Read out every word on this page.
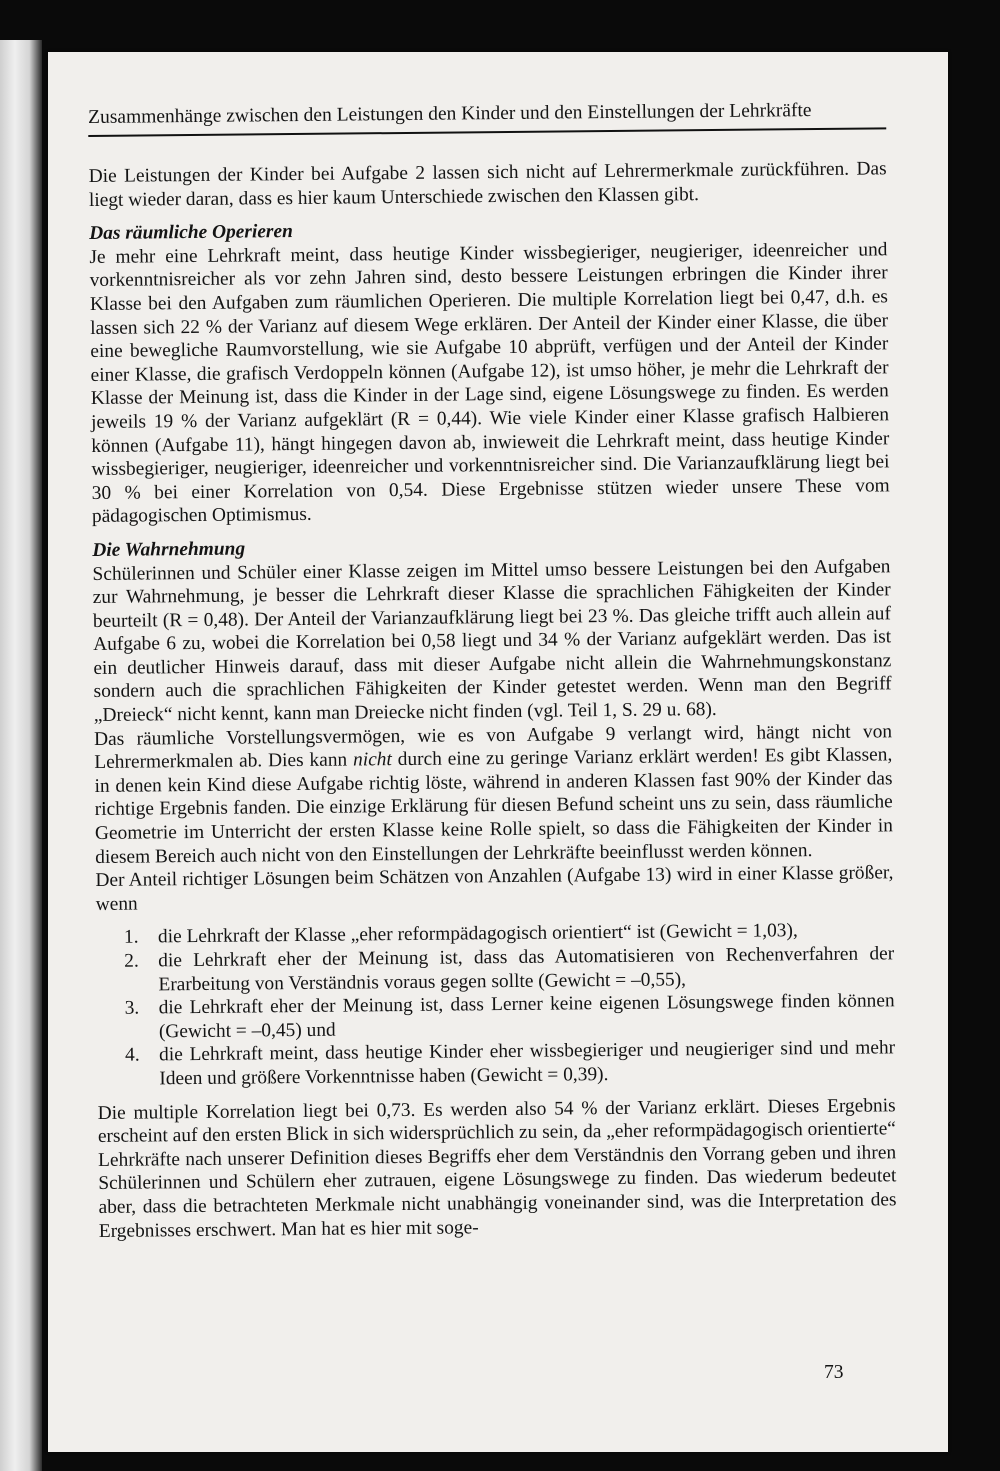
Zusammenhänge zwischen den Leistungen den Kinder und den Einstellungen der Lehrkräfte

Die Leistungen der Kinder bei Aufgabe 2 lassen sich nicht auf Lehrermerkmale zurückführen. Das liegt wieder daran, dass es hier kaum Unterschiede zwischen den Klassen gibt.

Das räumliche Operieren

Je mehr eine Lehrkraft meint, dass heutige Kinder wissbegieriger, neugieriger, ideenreicher und vorkenntnisreicher als vor zehn Jahren sind, desto bessere Leistungen erbringen die Kinder ihrer Klasse bei den Aufgaben zum räumlichen Operieren. Die multiple Korrelation liegt bei 0,47, d.h. es lassen sich 22 % der Varianz auf diesem Wege erklären. Der Anteil der Kinder einer Klasse, die über eine bewegliche Raumvorstellung, wie sie Aufgabe 10 abprüft, verfügen und der Anteil der Kinder einer Klasse, die grafisch Verdoppeln können (Aufgabe 12), ist umso höher, je mehr die Lehrkraft der Klasse der Meinung ist, dass die Kinder in der Lage sind, eigene Lösungswege zu finden. Es werden jeweils 19 % der Varianz aufgeklärt (R = 0,44). Wie viele Kinder einer Klasse grafisch Halbieren können (Aufgabe 11), hängt hingegen davon ab, inwieweit die Lehrkraft meint, dass heutige Kinder wissbegieriger, neugieriger, ideenreicher und vorkenntnisreicher sind. Die Varianzaufklärung liegt bei 30 % bei einer Korrelation von 0,54. Diese Ergebnisse stützen wieder unsere These vom pädagogischen Optimismus.

Die Wahrnehmung

Schülerinnen und Schüler einer Klasse zeigen im Mittel umso bessere Leistungen bei den Aufgaben zur Wahrnehmung, je besser die Lehrkraft dieser Klasse die sprachlichen Fähigkeiten der Kinder beurteilt (R = 0,48). Der Anteil der Varianzaufklärung liegt bei 23 %. Das gleiche trifft auch allein auf Aufgabe 6 zu, wobei die Korrelation bei 0,58 liegt und 34 % der Varianz aufgeklärt werden. Das ist ein deutlicher Hinweis darauf, dass mit dieser Aufgabe nicht allein die Wahrnehmungskonstanz sondern auch die sprachlichen Fähigkeiten der Kinder getestet werden. Wenn man den Begriff „Dreieck“ nicht kennt, kann man Dreiecke nicht finden (vgl. Teil 1, S. 29 u. 68).

Das räumliche Vorstellungsvermögen, wie es von Aufgabe 9 verlangt wird, hängt nicht von Lehrermerkmalen ab. Dies kann nicht durch eine zu geringe Varianz erklärt werden! Es gibt Klassen, in denen kein Kind diese Aufgabe richtig löste, während in anderen Klassen fast 90% der Kinder das richtige Ergebnis fanden. Die einzige Erklärung für diesen Befund scheint uns zu sein, dass räumliche Geometrie im Unterricht der ersten Klasse keine Rolle spielt, so dass die Fähigkeiten der Kinder in diesem Bereich auch nicht von den Einstellungen der Lehrkräfte beeinflusst werden können.

Der Anteil richtiger Lösungen beim Schätzen von Anzahlen (Aufgabe 13) wird in einer Klasse größer, wenn

1. die Lehrkraft der Klasse „eher reformpädagogisch orientiert“ ist (Gewicht = 1,03),
2. die Lehrkraft eher der Meinung ist, dass das Automatisieren von Rechenverfahren der Erarbeitung von Verständnis voraus gegen sollte (Gewicht = –0,55),
3. die Lehrkraft eher der Meinung ist, dass Lerner keine eigenen Lösungswege finden können (Gewicht = –0,45) und
4. die Lehrkraft meint, dass heutige Kinder eher wissbegieriger und neugieriger sind und mehr Ideen und größere Vorkenntnisse haben (Gewicht = 0,39).

Die multiple Korrelation liegt bei 0,73. Es werden also 54 % der Varianz erklärt. Dieses Ergebnis erscheint auf den ersten Blick in sich widersprüchlich zu sein, da „eher reformpädagogisch orientierte“ Lehrkräfte nach unserer Definition dieses Begriffs eher dem Verständnis den Vorrang geben und ihren Schülerinnen und Schülern eher zutrauen, eigene Lösungswege zu finden. Das wiederum bedeutet aber, dass die betrachteten Merkmale nicht unabhängig voneinander sind, was die Interpretation des Ergebnisses erschwert. Man hat es hier mit soge-

73
